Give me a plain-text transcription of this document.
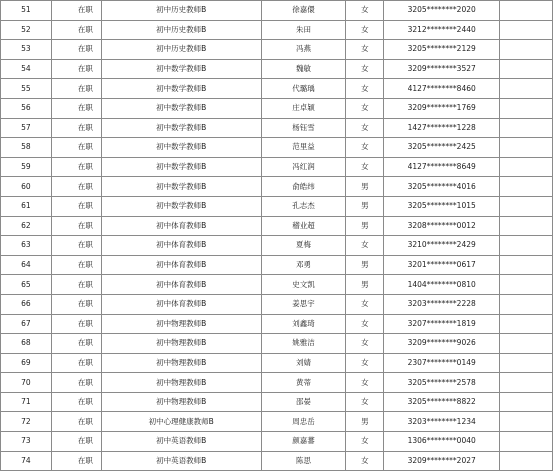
51	在职	初中历史教师B	徐嘉儇	女	3205********2020	
52	在职	初中历史教师B	朱田	女	3212********2440	
53	在职	初中历史教师B	冯燕	女	3205********2129	
54	在职	初中数学教师B	魏敏	女	3209********3527	
55	在职	初中数学教师B	代璐瑀	女	4127********8460	
56	在职	初中数学教师B	庄卓颖	女	3209********1769	
57	在职	初中数学教师B	杨钰雪	女	1427********1228	
58	在职	初中数学教师B	范里益	女	3205********2425	
59	在职	初中数学教师B	冯红润	女	4127********8649	
60	在职	初中数学教师B	俞皓纬	男	3205********4016	
61	在职	初中数学教师B	孔志杰	男	3205********1015	
62	在职	初中体育教师B	稽业超	男	3208********0012	
63	在职	初中体育教师B	夏梅	女	3210********2429	
64	在职	初中体育教师B	邓勇	男	3201********0617	
65	在职	初中体育教师B	史文凯	男	1404********0810	
66	在职	初中体育教师B	姜思宇	女	3203********2228	
67	在职	初中物理教师B	刘鑫琦	女	3207********1819	
68	在职	初中物理教师B	姚雅洁	女	3209********9026	
69	在职	初中物理教师B	刘婧	女	2307********0149	
70	在职	初中物理教师B	黄蒂	女	3205********2578	
71	在职	初中物理教师B	邵晏	女	3205********8822	
72	在职	初中心理健康教师B	周忠岳	男	3203********1234	
73	在职	初中英语教师B	颜嘉蕃	女	1306********0040	
74	在职	初中英语教师B	陈思	女	3209********2027	
